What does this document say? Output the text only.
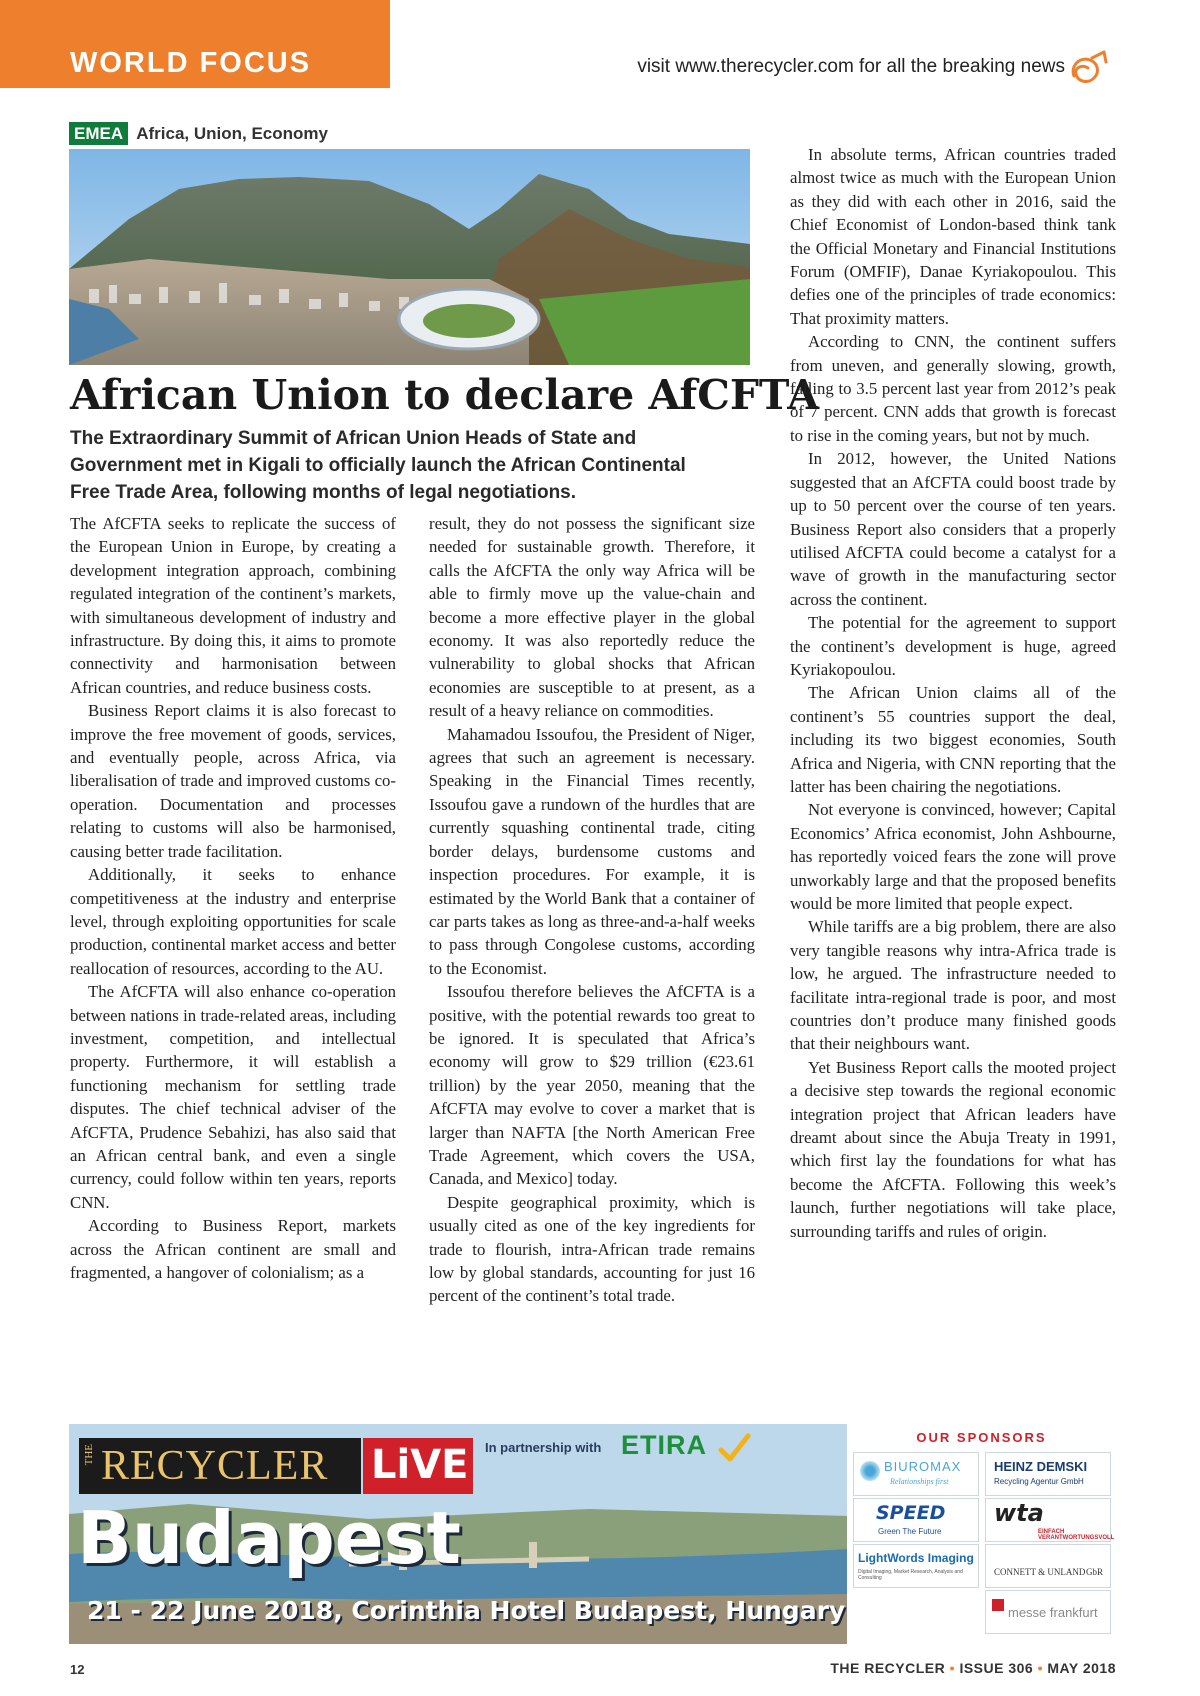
WORLD FOCUS	visit www.therecycler.com for all the breaking news
EMEA Africa, Union, Economy
African Union to declare AfCFTA
The Extraordinary Summit of African Union Heads of State and Government met in Kigali to officially launch the African Continental Free Trade Area, following months of legal negotiations.

The AfCFTA seeks to replicate the success of the European Union in Europe, by creating a development integration approach, combining regulated integration of the continent’s markets, with simultaneous development of industry and infrastructure. By doing this, it aims to promote connectivity and harmonisation between African countries, and reduce business costs.

Business Report claims it is also forecast to improve the free movement of goods, services, and eventually people, across Africa, via liberalisation of trade and improved customs co-operation. Documentation and processes relating to customs will also be harmonised, causing better trade facilitation.

Additionally, it seeks to enhance competitiveness at the industry and enterprise level, through exploiting opportunities for scale production, continental market access and better reallocation of resources, according to the AU.

The AfCFTA will also enhance co-operation between nations in trade-related areas, including investment, competition, and intellectual property. Furthermore, it will establish a functioning mechanism for settling trade disputes. The chief technical adviser of the AfCFTA, Prudence Sebahizi, has also said that an African central bank, and even a single currency, could follow within ten years, reports CNN.

According to Business Report, markets across the African continent are small and fragmented, a hangover of colonialism; as a

result, they do not possess the significant size needed for sustainable growth. Therefore, it calls the AfCFTA the only way Africa will be able to firmly move up the value-chain and become a more effective player in the global economy. It was also reportedly reduce the vulnerability to global shocks that African economies are susceptible to at present, as a result of a heavy reliance on commodities.

Mahamadou Issoufou, the President of Niger, agrees that such an agreement is necessary. Speaking in the Financial Times recently, Issoufou gave a rundown of the hurdles that are currently squashing continental trade, citing border delays, burdensome customs and inspection procedures. For example, it is estimated by the World Bank that a container of car parts takes as long as three-and-a-half weeks to pass through Congolese customs, according to the Economist.

Issoufou therefore believes the AfCFTA is a positive, with the potential rewards too great to be ignored. It is speculated that Africa’s economy will grow to $29 trillion (€23.61 trillion) by the year 2050, meaning that the AfCFTA may evolve to cover a market that is larger than NAFTA [the North American Free Trade Agreement, which covers the USA, Canada, and Mexico] today.

Despite geographical proximity, which is usually cited as one of the key ingredients for trade to flourish, intra-African trade remains low by global standards, accounting for just 16 percent of the continent’s total trade.

In absolute terms, African countries traded almost twice as much with the European Union as they did with each other in 2016, said the Chief Economist of London-based think tank the Official Monetary and Financial Institutions Forum (OMFIF), Danae Kyriakopoulou. This defies one of the principles of trade economics: That proximity matters.

According to CNN, the continent suffers from uneven, and generally slowing, growth, falling to 3.5 percent last year from 2012’s peak of 7 percent. CNN adds that growth is forecast to rise in the coming years, but not by much.

In 2012, however, the United Nations suggested that an AfCFTA could boost trade by up to 50 percent over the course of ten years. Business Report also considers that a properly utilised AfCFTA could become a catalyst for a wave of growth in the manufacturing sector across the continent.

The potential for the agreement to support the continent’s development is huge, agreed Kyriakopoulou.

The African Union claims all of the continent’s 55 countries support the deal, including its two biggest economies, South Africa and Nigeria, with CNN reporting that the latter has been chairing the negotiations.

Not everyone is convinced, however; Capital Economics’ Africa economist, John Ashbourne, has reportedly voiced fears the zone will prove unworkably large and that the proposed benefits would be more limited that people expect.

While tariffs are a big problem, there are also very tangible reasons why intra-Africa trade is low, he argued. The infrastructure needed to facilitate intra-regional trade is poor, and most countries don’t produce many finished goods that their neighbours want.

Yet Business Report calls the mooted project a decisive step towards the regional economic integration project that African leaders have dreamt about since the Abuja Treaty in 1991, which first lay the foundations for what has become the AfCFTA. Following this week’s launch, further negotiations will take place, surrounding tariffs and rules of origin.

THE RECYCLER LiVE In partnership with ETIRA
Budapest
21 - 22 June 2018, Corinthia Hotel Budapest, Hungary
OUR SPONSORS
BIUROMAX
Relationships first
HEINZ DEMSKI
Recycling Agentur GmbH
SPEED
Green The Future
wta
EINFACH VERANTWORTUNGSVOLL
LightWords Imaging
Digital Imaging, Market Research, Analysis and Consulting
CONNETT & UNLAND GbR
messe frankfurt
12	THE RECYCLER • ISSUE 306 • MAY 2018
